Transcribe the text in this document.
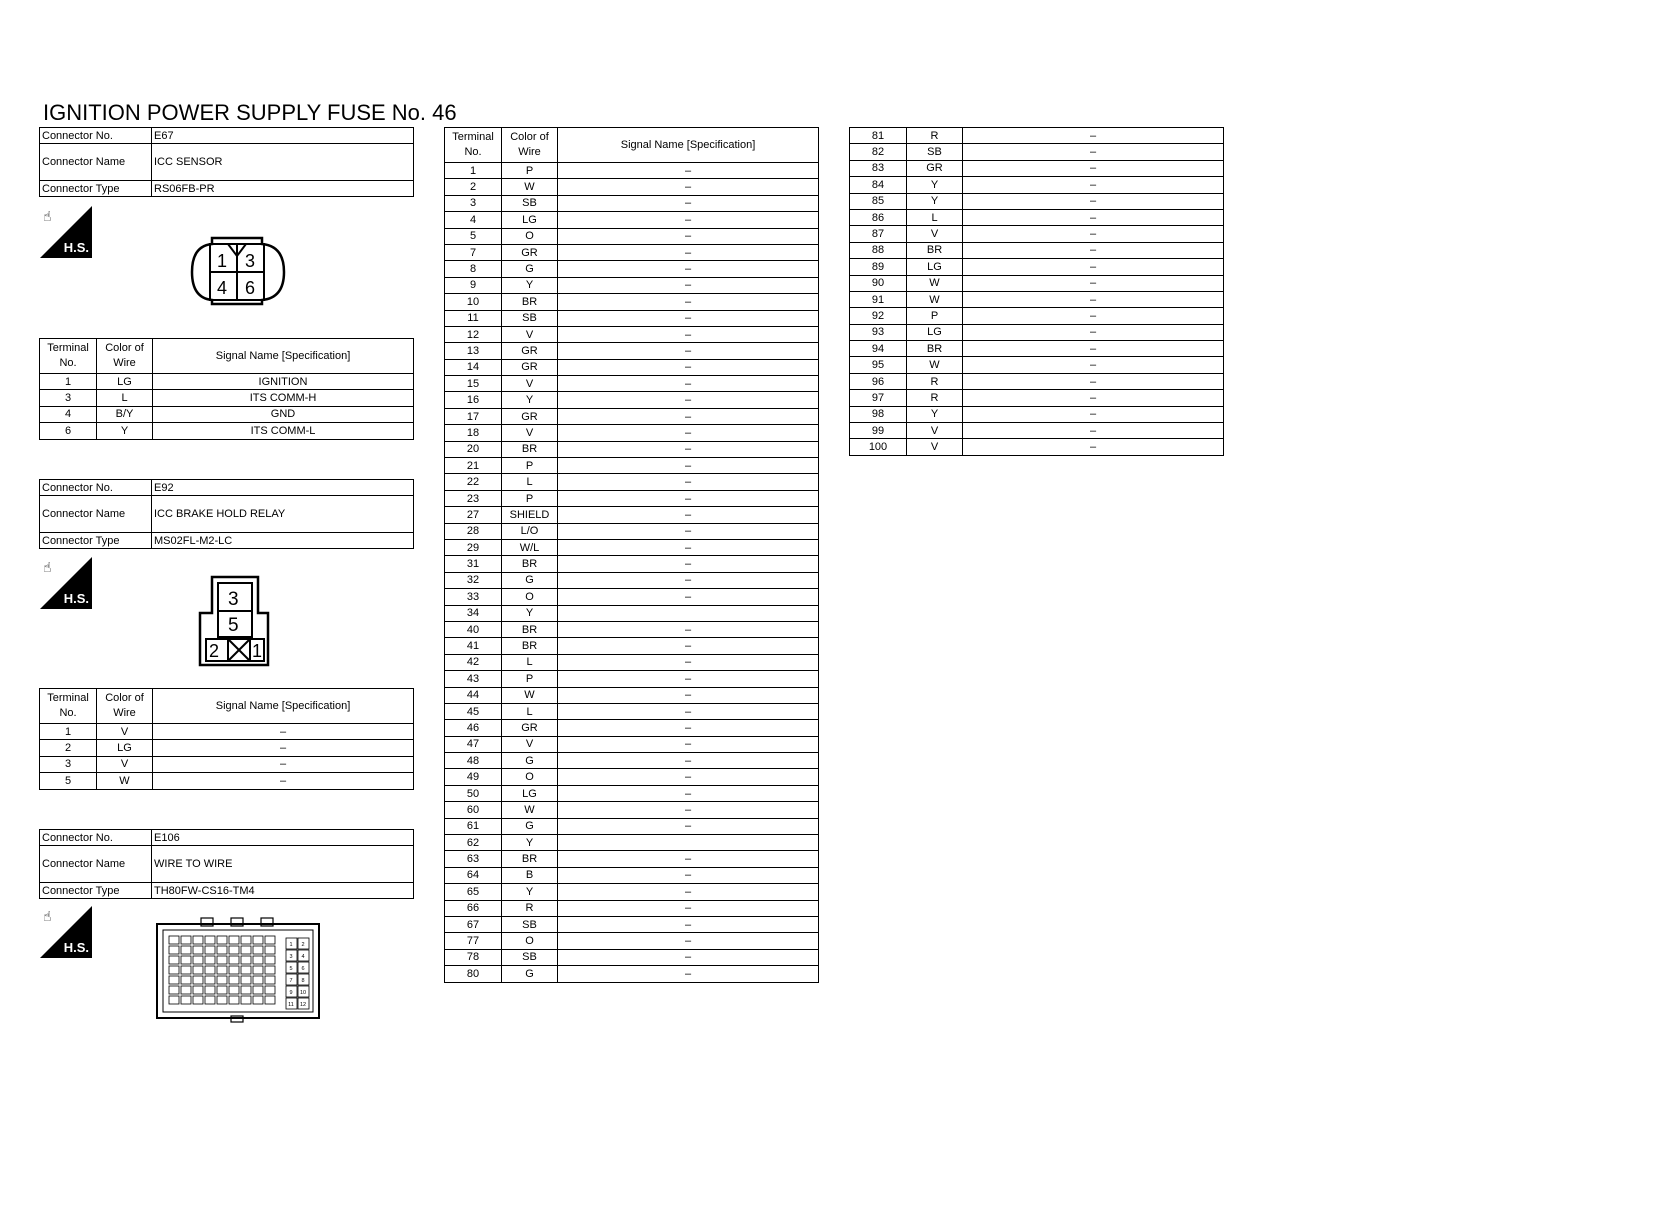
IGNITION POWER SUPPLY FUSE No. 46
Connector No.	E67
Connector Name	ICC SENSOR
Connector Type	RS06FB-PR
☝
H.S.
1 3
4 6
Terminal No.	Color of Wire	Signal Name [Specification]
1	LG	IGNITION
3	L	ITS COMM-H
4	B/Y	GND
6	Y	ITS COMM-L
Connector No.	E92
Connector Name	ICC BRAKE HOLD RELAY
Connector Type	MS02FL-M2-LC
☝
H.S.	3
5
2 1
Terminal No.	Color of Wire	Signal Name [Specification]
1	V	–
2	LG	–
3	V	–
5	W	–
Connector No.	E106
Connector Name	WIRE TO WIRE
Connector Type	TH80FW-CS16-TM4
☝
H.S.	1 2
3 4
5 6
7 8
9 10
11 12
Terminal No.	Color of Wire	Signal Name [Specification]
1	P	–
2	W	–
3	SB	–
4	LG	–
5	O	–
7	GR	–
8	G	–
9	Y	–
10	BR	–
11	SB	–
12	V	–
13	GR	–
14	GR	–
15	V	–
16	Y	–
17	GR	–
18	V	–
20	BR	–
21	P	–
22	L	–
23	P	–
27	SHIELD	–
28	L/O	–
29	W/L	–
31	BR	–
32	G	–
33	O	–
34	Y	
40	BR	–
41	BR	–
42	L	–
43	P	–
44	W	–
45	L	–
46	GR	–
47	V	–
48	G	–
49	O	–
50	LG	–
60	W	–
61	G	–
62	Y	
63	BR	–
64	B	–
65	Y	–
66	R	–
67	SB	–
77	O	–
78	SB	–
80	G	–
81	R	–
82	SB	–
83	GR	–
84	Y	–
85	Y	–
86	L	–
87	V	–
88	BR	–
89	LG	–
90	W	–
91	W	–
92	P	–
93	LG	–
94	BR	–
95	W	–
96	R	–
97	R	–
98	Y	–
99	V	–
100	V	–
